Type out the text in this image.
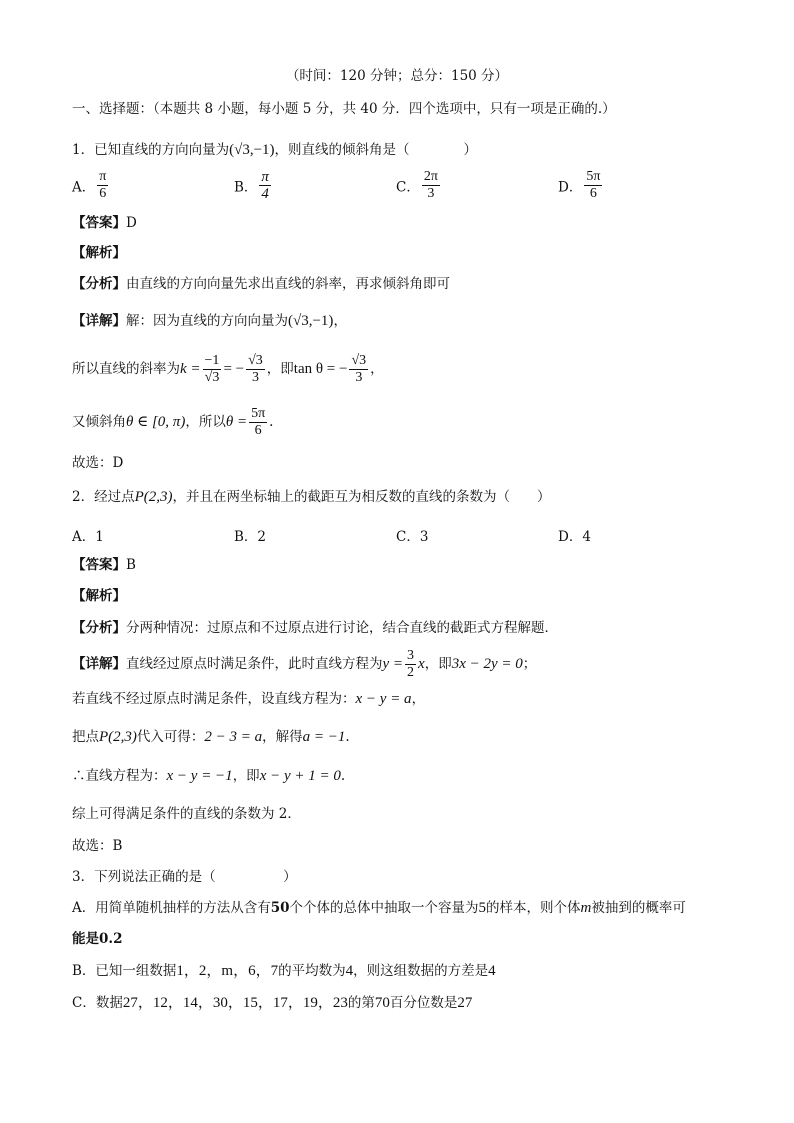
（时间：120 分钟；总分：150 分）
一、选择题：（本题共 8 小题，每小题 5 分，共 40 分．四个选项中，只有一项是正确的.）
1．已知直线的方向向量为(√3,−1)，则直线的倾斜角是（　　　　）
A． $\frac{\pi}{6}$	B． $\frac{\pi}{4}$	C． $\frac{2\pi}{3}$	D． $\frac{5\pi}{6}$
【答案】D
【解析】
【分析】由直线的方向向量先求出直线的斜率，再求倾斜角即可
【详解】解：因为直线的方向向量为(√3,−1)，
所以直线的斜率为$k = \frac{-1}{√3}$ = − $\frac{√3}{3}$ ，即tan θ = − $\frac{√3}{3}$ ，
又倾斜角θ ∈ [0, π)，所以$\theta = \frac{5\pi}{6}$ .
故选：D
2．经过点P(2,3)，并且在两坐标轴上的截距互为相反数的直线的条数为（　　）
A．1	B．2	C．3	D．4
【答案】B
【解析】
【分析】分两种情况：过原点和不过原点进行讨论，结合直线的截距式方程解题．
【详解】直线经过原点时满足条件，此时直线方程为$y = \frac{3}{2}$ x，即3x − 2y = 0；
若直线不经过原点时满足条件，设直线方程为：x − y = a，
把点P(2,3)代入可得：2 − 3 = a，解得a = −1.
∴直线方程为：x − y = −1，即x − y + 1 = 0.
综上可得满足条件的直线的条数为 2．
故选：B
3．下列说法正确的是（　　　　　）
A．用简单随机抽样的方法从含有50个个体的总体中抽取一个容量为5的样本，则个体m被抽到的概率可
能是0.2
B．已知一组数据1，2，m，6，7的平均数为4，则这组数据的方差是4
C．数据27，12，14，30，15，17，19，23的第70百分位数是27
